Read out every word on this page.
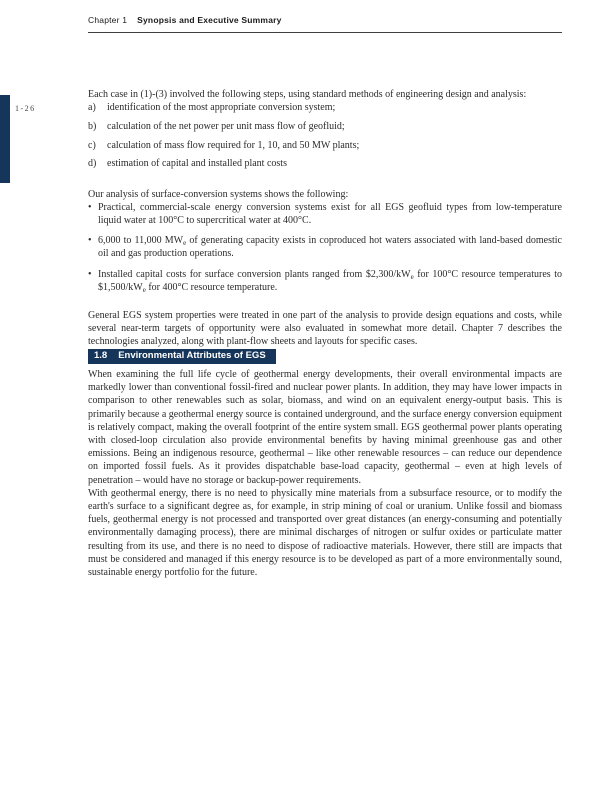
Chapter 1 Synopsis and Executive Summary
1-26

Each case in (1)-(3) involved the following steps, using standard methods of engineering design and analysis:

a)	identification of the most appropriate conversion system;
b)	calculation of the net power per unit mass flow of geofluid;
c)	calculation of mass flow required for 1, 10, and 50 MW plants;
d)	estimation of capital and installed plant costs

Our analysis of surface-conversion systems shows the following:

• Practical, commercial-scale energy conversion systems exist for all EGS geofluid types from low-temperature liquid water at 100°C to supercritical water at 400°C.
• 6,000 to 11,000 $MW_e$ of generating capacity exists in coproduced hot waters associated with land-based domestic oil and gas production operations.
• Installed capital costs for surface conversion plants ranged from $\$2,300/kW_e$ for 100°C resource temperatures to $\$1,500/kW_e$ for 400°C resource temperature.

General EGS system properties were treated in one part of the analysis to provide design equations and costs, while several near-term targets of opportunity were also evaluated in somewhat more detail. Chapter 7 describes the technologies analyzed, along with plant-flow sheets and layouts for specific cases.

1.8 Environmental Attributes of EGS

When examining the full life cycle of geothermal energy developments, their overall environmental impacts are markedly lower than conventional fossil-fired and nuclear power plants. In addition, they may have lower impacts in comparison to other renewables such as solar, biomass, and wind on an equivalent energy-output basis. This is primarily because a geothermal energy source is contained underground, and the surface energy conversion equipment is relatively compact, making the overall footprint of the entire system small. EGS geothermal power plants operating with closed-loop circulation also provide environmental benefits by having minimal greenhouse gas and other emissions. Being an indigenous resource, geothermal – like other renewable resources – can reduce our dependence on imported fossil fuels. As it provides dispatchable base-load capacity, geothermal – even at high levels of penetration – would have no storage or backup-power requirements.

With geothermal energy, there is no need to physically mine materials from a subsurface resource, or to modify the earth's surface to a significant degree as, for example, in strip mining of coal or uranium. Unlike fossil and biomass fuels, geothermal energy is not processed and transported over great distances (an energy-consuming and potentially environmentally damaging process), there are minimal discharges of nitrogen or sulfur oxides or particulate matter resulting from its use, and there is no need to dispose of radioactive materials. However, there still are impacts that must be considered and managed if this energy resource is to be developed as part of a more environmentally sound, sustainable energy portfolio for the future.
